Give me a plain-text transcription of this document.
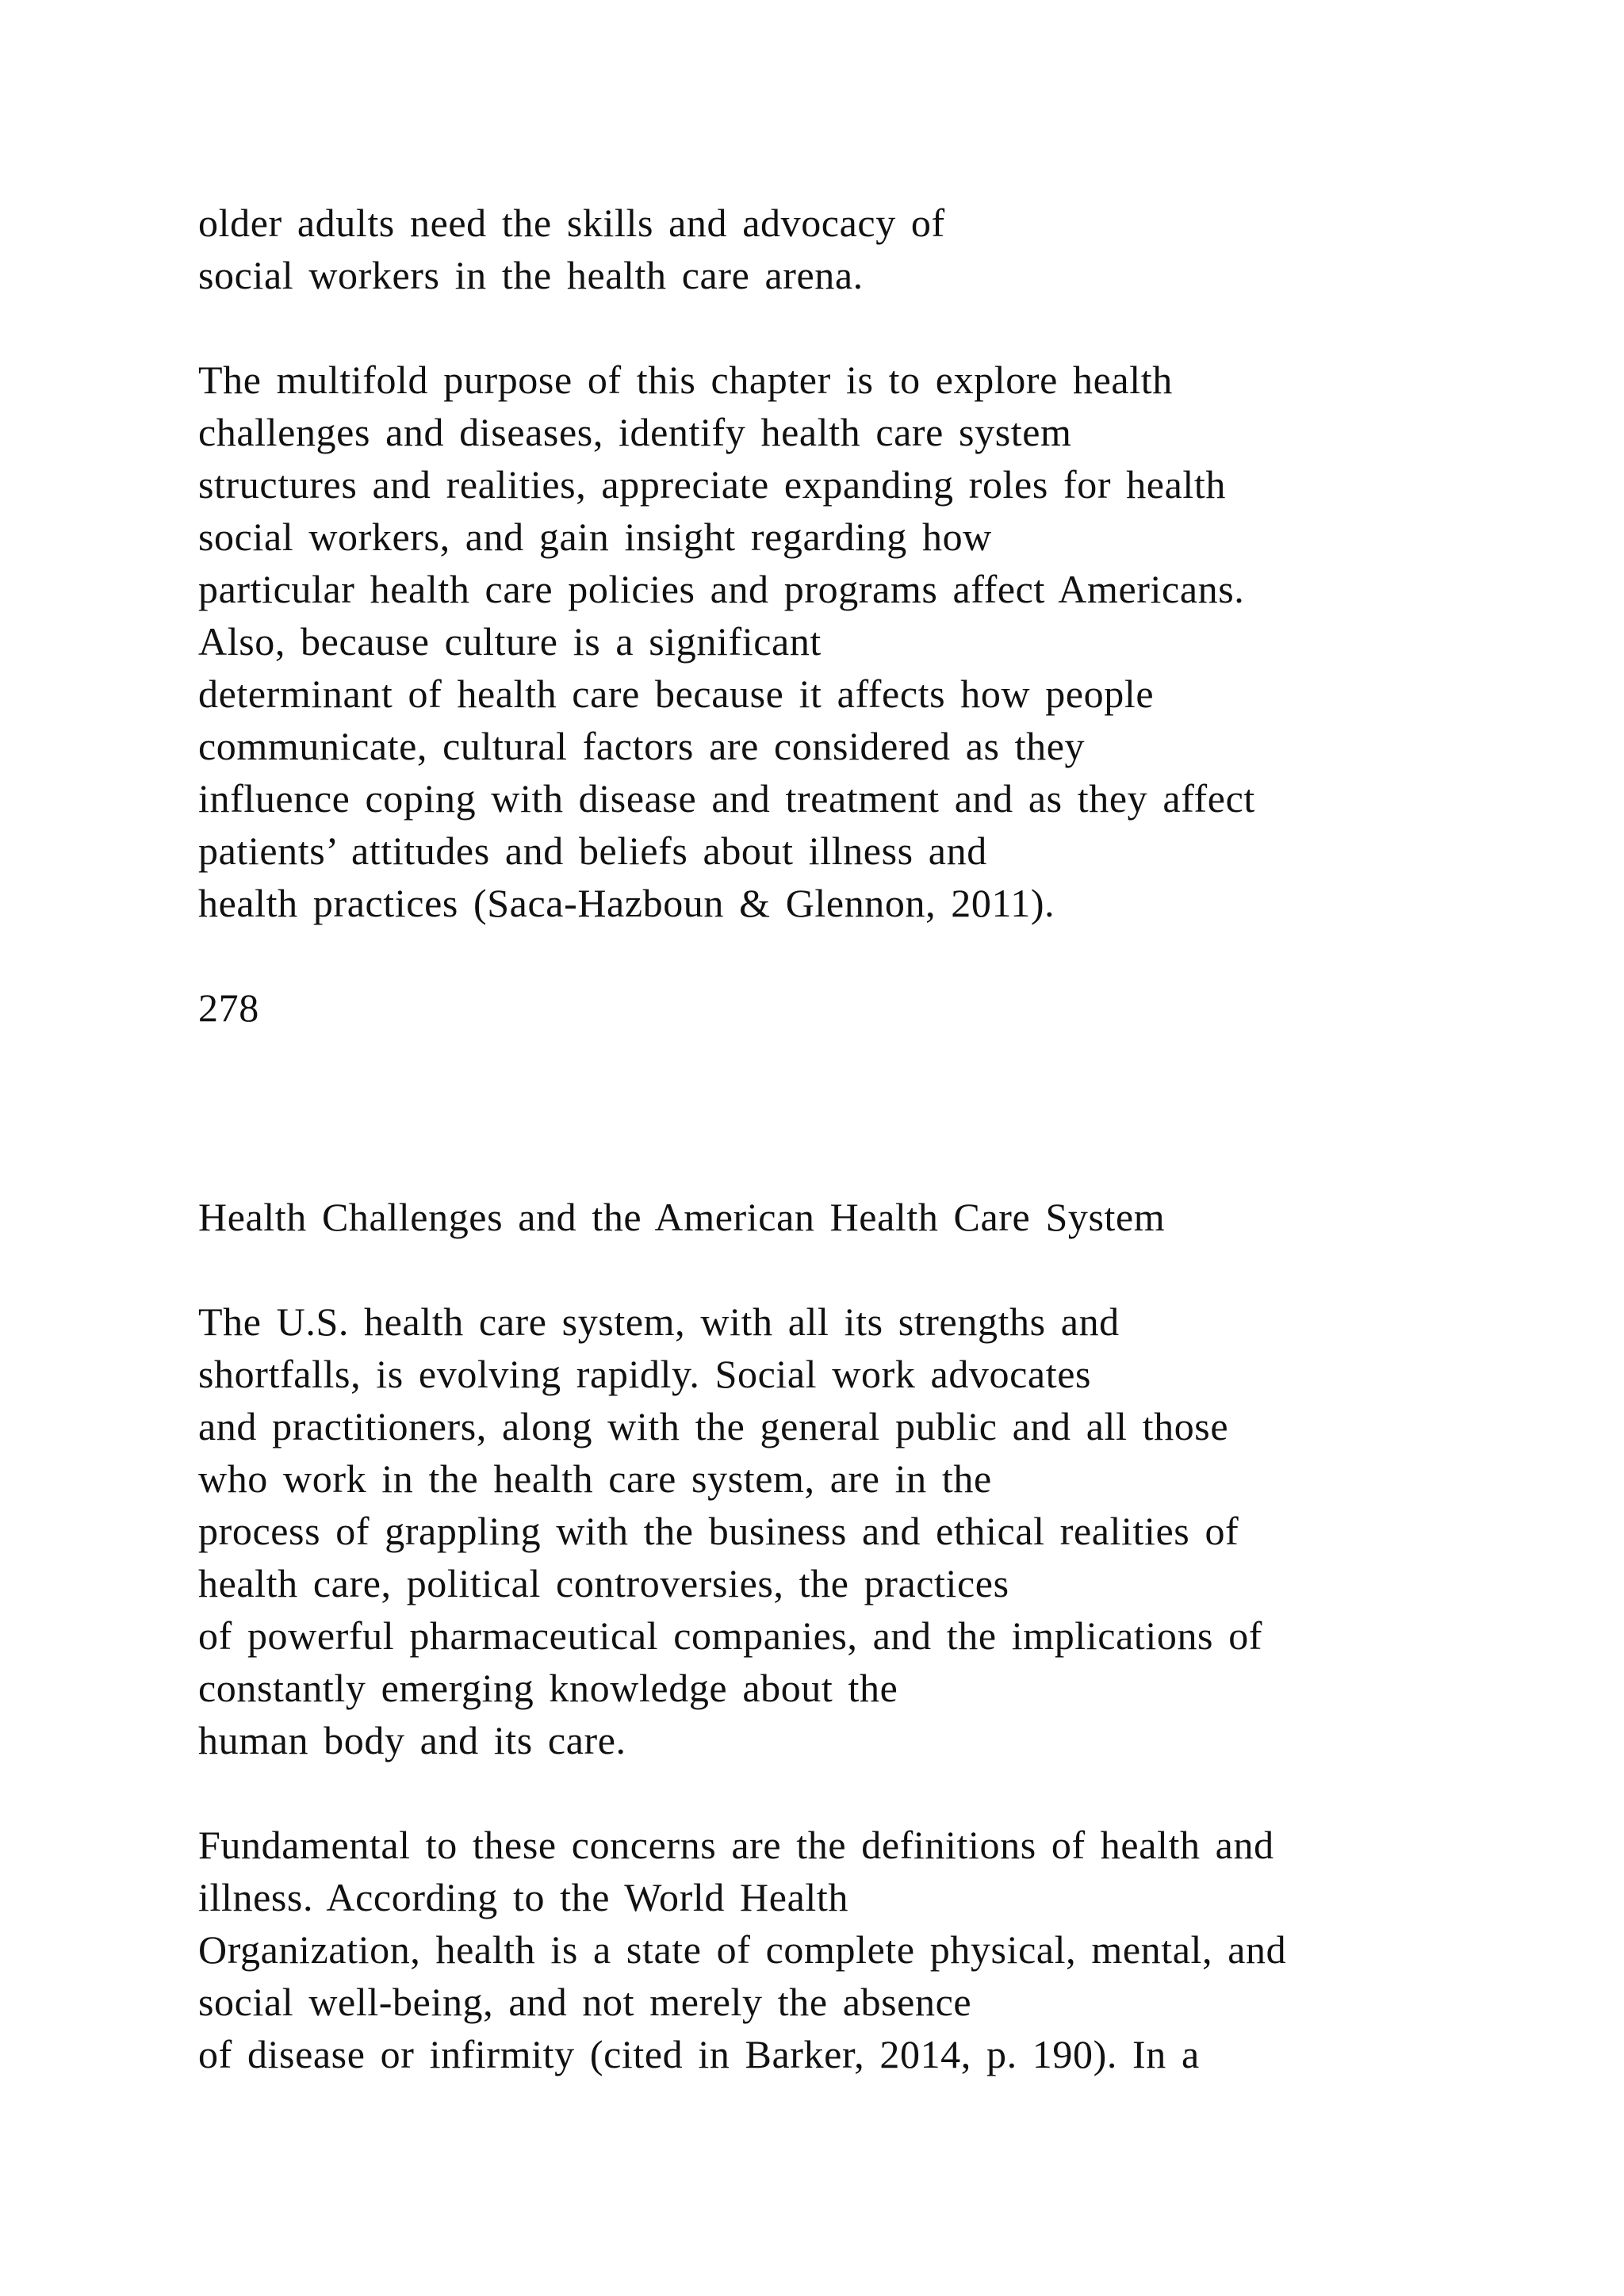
older adults need the skills and advocacy of
social workers in the health care arena.
The multifold purpose of this chapter is to explore health
challenges and diseases, identify health care system
structures and realities, appreciate expanding roles for health
social workers, and gain insight regarding how
particular health care policies and programs affect Americans.
Also, because culture is a significant
determinant of health care because it affects how people
communicate, cultural factors are considered as they
influence coping with disease and treatment and as they affect
patients’ attitudes and beliefs about illness and
health practices (Saca-Hazboun & Glennon, 2011).
278
Health Challenges and the American Health Care System
The U.S. health care system, with all its strengths and
shortfalls, is evolving rapidly. Social work advocates
and practitioners, along with the general public and all those
who work in the health care system, are in the
process of grappling with the business and ethical realities of
health care, political controversies, the practices
of powerful pharmaceutical companies, and the implications of
constantly emerging knowledge about the
human body and its care.
Fundamental to these concerns are the definitions of health and
illness. According to the World Health
Organization, health is a state of complete physical, mental, and
social well-being, and not merely the absence
of disease or infirmity (cited in Barker, 2014, p. 190). In a
